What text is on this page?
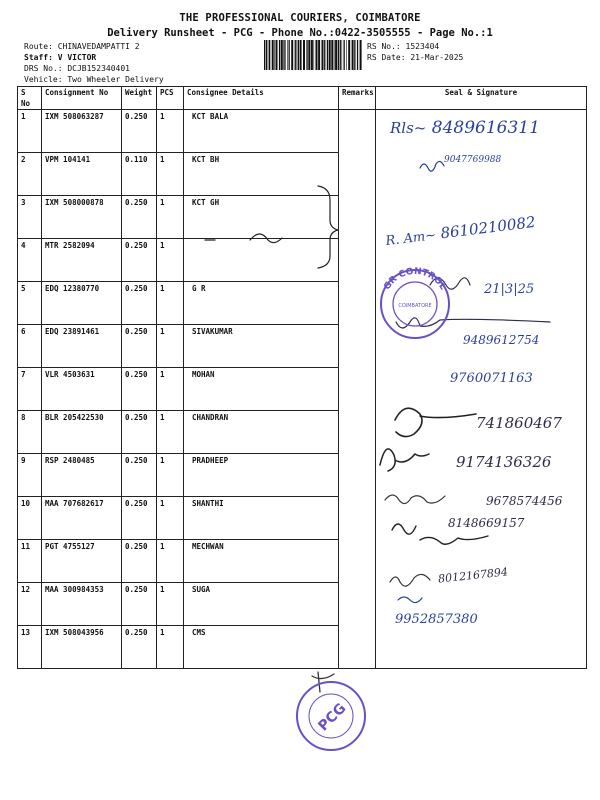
THE PROFESSIONAL COURIERS, COIMBATORE
Delivery Runsheet - PCG - Phone No.:0422-3505555 - Page No.:1
Route: CHINAVEDAMPATTI 2
Staff: V VICTOR
DRS No.: DCJB152340401
Vehicle: Two Wheeler Delivery
RS No.: 1523404
RS Date: 21-Mar-2025
S No	Consignment No	Weight	PCS	Consignee Details	Remarks	Seal & Signature
1	IXM 508063287	0.250	1	KCT BALA		
2	VPM 104141	0.110	1	KCT BH		
3	IXM 508000878	0.250	1	KCT GH		
4	MTR 2582094	0.250	1			
5	EDQ 12380770	0.250	1	G R		
6	EDQ 23891461	0.250	1	SIVAKUMAR		
7	VLR 4503631	0.250	1	MOHAN		
8	BLR 205422530	0.250	1	CHANDRAN		
9	RSP 2480485	0.250	1	PRADHEEP		
10	MAA 707682617	0.250	1	SHANTHI		
11	PGT 4755127	0.250	1	MECHWAN		
12	MAA 300984353	0.250	1	SUGA		
13	IXM 508043956	0.250	1	CMS		
Rls~ 8489616311
9047769988
R. Am~ 8610210082
21|3|25
9489612754
9760071163
741860467
9174136326
9678574456
8148669157
8012167894
9952857380
GR CONTROL
COIMBATORE
PCG
